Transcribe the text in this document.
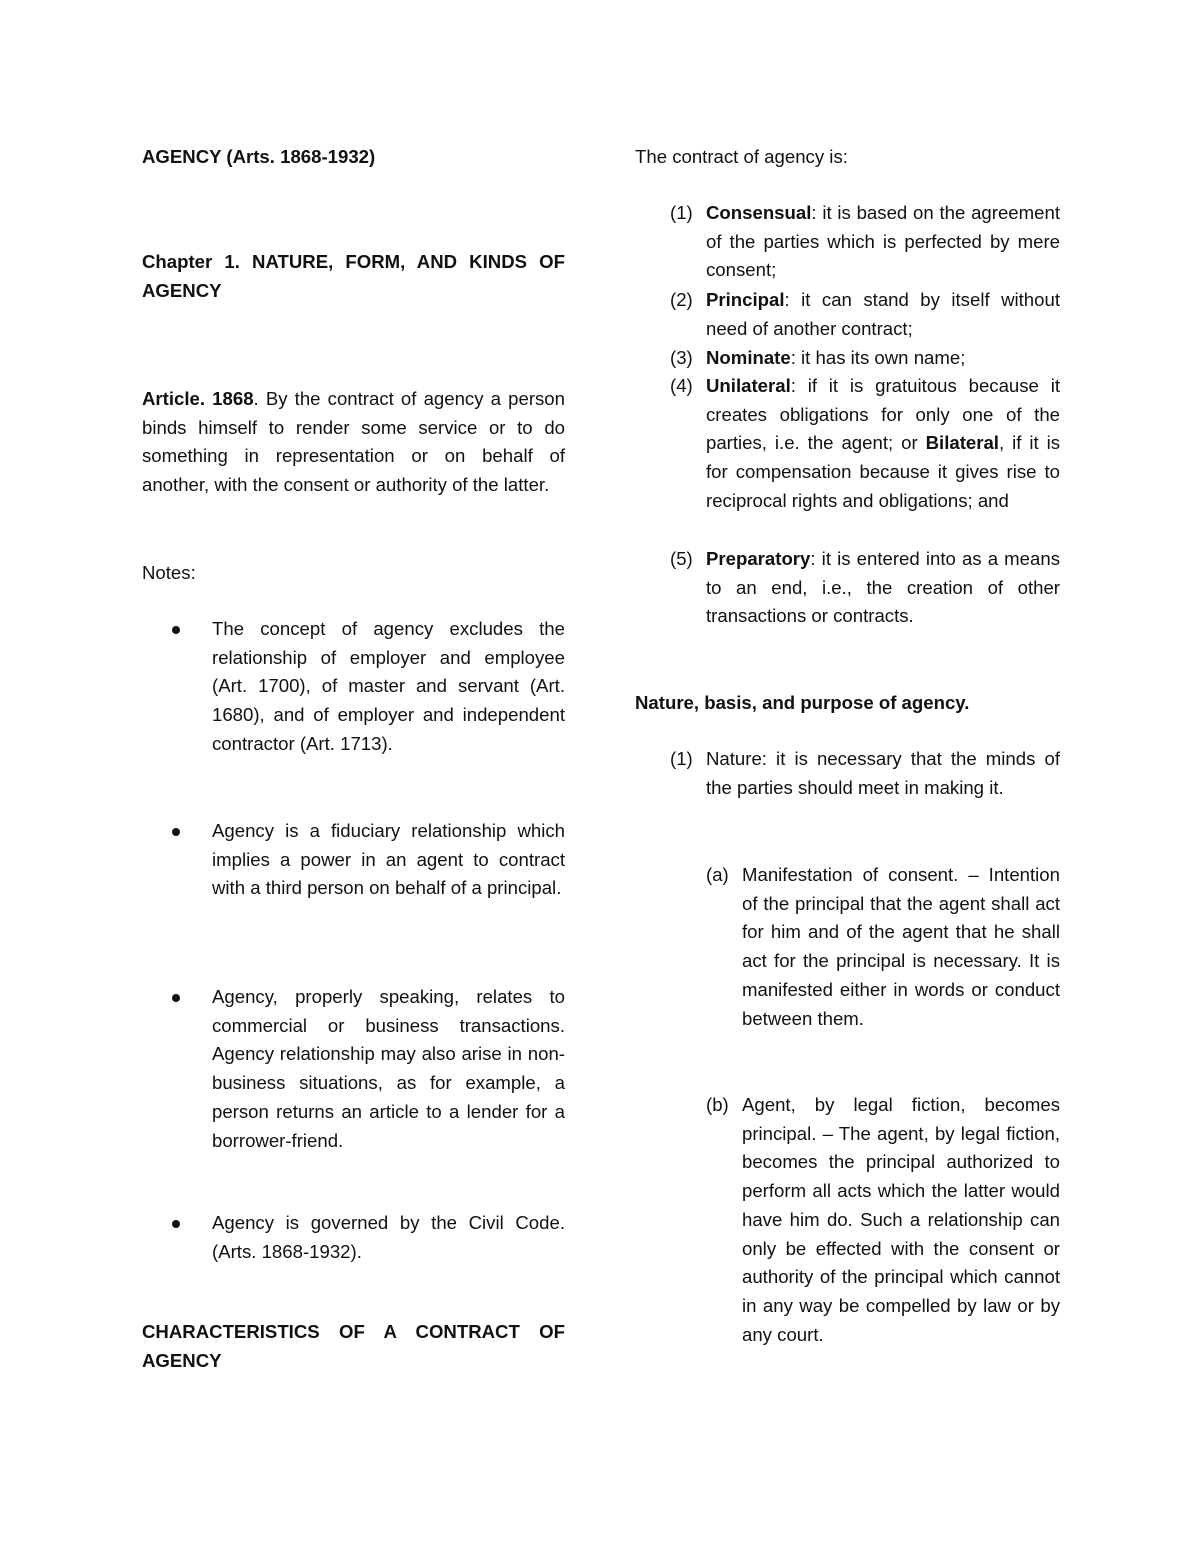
AGENCY (Arts. 1868-1932)
Chapter 1. NATURE, FORM, AND KINDS OF AGENCY
Article. 1868. By the contract of agency a person binds himself to render some service or to do something in representation or on behalf of another, with the consent or authority of the latter.
Notes:
The concept of agency excludes the relationship of employer and employee (Art. 1700), of master and servant (Art. 1680), and of employer and independent contractor (Art. 1713).
Agency is a fiduciary relationship which implies a power in an agent to contract with a third person on behalf of a principal.
Agency, properly speaking, relates to commercial or business transactions. Agency relationship may also arise in non-business situations, as for example, a person returns an article to a lender for a borrower-friend.
Agency is governed by the Civil Code. (Arts. 1868-1932).
CHARACTERISTICS OF A CONTRACT OF AGENCY
The contract of agency is:
(1) Consensual: it is based on the agreement of the parties which is perfected by mere consent;
(2) Principal: it can stand by itself without need of another contract;
(3) Nominate: it has its own name;
(4) Unilateral: if it is gratuitous because it creates obligations for only one of the parties, i.e. the agent; or Bilateral, if it is for compensation because it gives rise to reciprocal rights and obligations; and
(5) Preparatory: it is entered into as a means to an end, i.e., the creation of other transactions or contracts.
Nature, basis, and purpose of agency.
(1) Nature: it is necessary that the minds of the parties should meet in making it.
(a) Manifestation of consent. – Intention of the principal that the agent shall act for him and of the agent that he shall act for the principal is necessary. It is manifested either in words or conduct between them.
(b) Agent, by legal fiction, becomes principal. – The agent, by legal fiction, becomes the principal authorized to perform all acts which the latter would have him do. Such a relationship can only be effected with the consent or authority of the principal which cannot in any way be compelled by law or by any court.
